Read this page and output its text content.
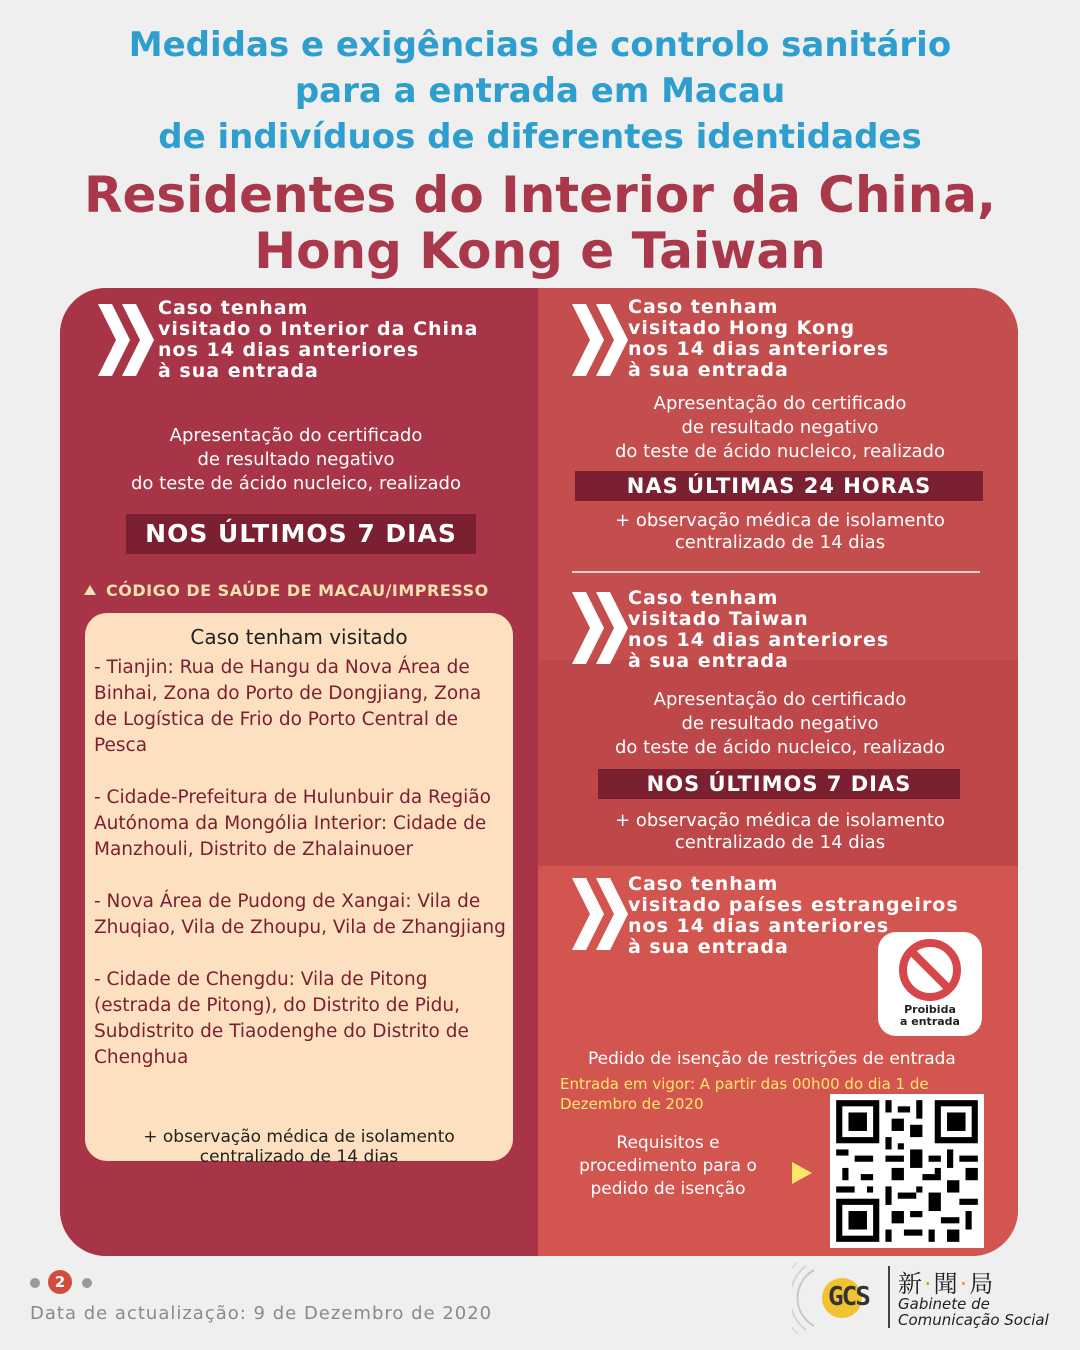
Medidas e exigências de controlo sanitário
para a entrada em Macau
de indivíduos de diferentes identidades
Residentes do Interior da China,
Hong Kong e Taiwan
Caso tenham
visitado o Interior da China
nos 14 dias anteriores
à sua entrada
Apresentação do certificado
de resultado negativo
do teste de ácido nucleico, realizado
NOS ÚLTIMOS 7 DIAS
CÓDIGO DE SAÚDE DE MACAU/IMPRESSO
Caso tenham visitado
- Tianjin: Rua de Hangu da Nova Área de Binhai, Zona do Porto de Dongjiang, Zona de Logística de Frio do Porto Central de Pesca
- Cidade-Prefeitura de Hulunbuir da Região Autónoma da Mongólia Interior: Cidade de Manzhouli, Distrito de Zhalainuoer
- Nova Área de Pudong de Xangai: Vila de Zhuqiao, Vila de Zhoupu, Vila de Zhangjiang
- Cidade de Chengdu: Vila de Pitong (estrada de Pitong), do Distrito de Pidu, Subdistrito de Tiaodenghe do Distrito de Chenghua
+ observação médica de isolamento
centralizado de 14 dias
Caso tenham
visitado Hong Kong
nos 14 dias anteriores
à sua entrada
Apresentação do certificado
de resultado negativo
do teste de ácido nucleico, realizado
NAS ÚLTIMAS 24 HORAS
+ observação médica de isolamento
centralizado de 14 dias
Caso tenham
visitado Taiwan
nos 14 dias anteriores
à sua entrada
Apresentação do certificado
de resultado negativo
do teste de ácido nucleico, realizado
NOS ÚLTIMOS 7 DIAS
+ observação médica de isolamento
centralizado de 14 dias
Caso tenham
visitado países estrangeiros
nos 14 dias anteriores
à sua entrada
Proibida
a entrada
Pedido de isenção de restrições de entrada
Entrada em vigor: A partir das 00h00 do dia 1 de
Dezembro de 2020
Requisitos e
procedimento para o
pedido de isenção
2
Data de actualização: 9 de Dezembro de 2020
GCS 新·聞·局
Gabinete de
Comunicação Social
